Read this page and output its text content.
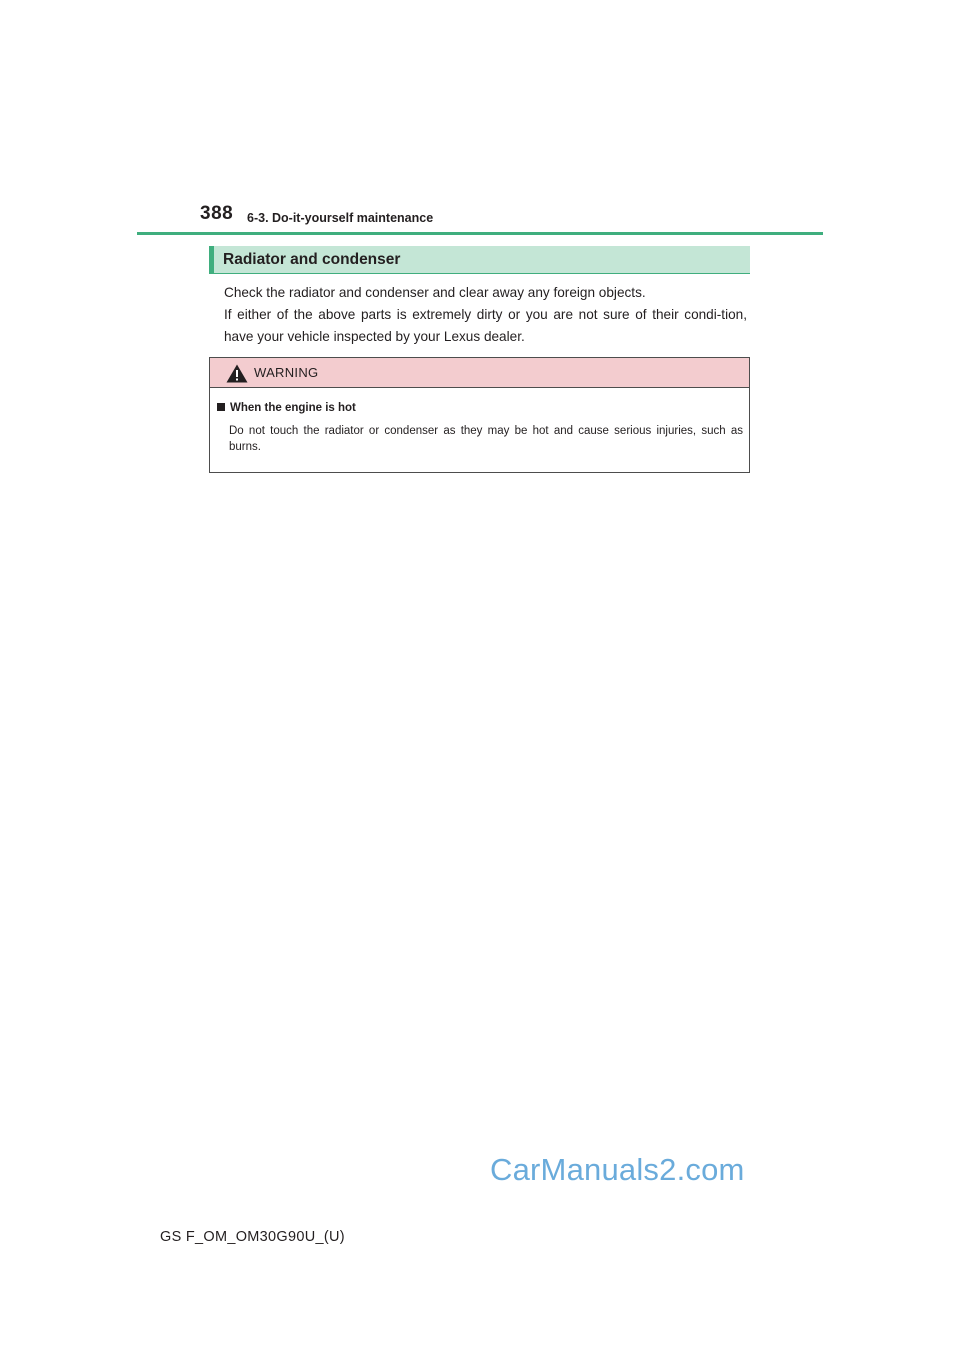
388 6-3. Do-it-yourself maintenance
Radiator and condenser

Check the radiator and condenser and clear away any foreign objects.

If either of the above parts is extremely dirty or you are not sure of their condi-tion, have your vehicle inspected by your Lexus dealer.

WARNING
When the engine is hot

Do not touch the radiator or condenser as they may be hot and cause serious injuries, such as burns.

CarManuals2.com
GS F_OM_OM30G90U_(U)
